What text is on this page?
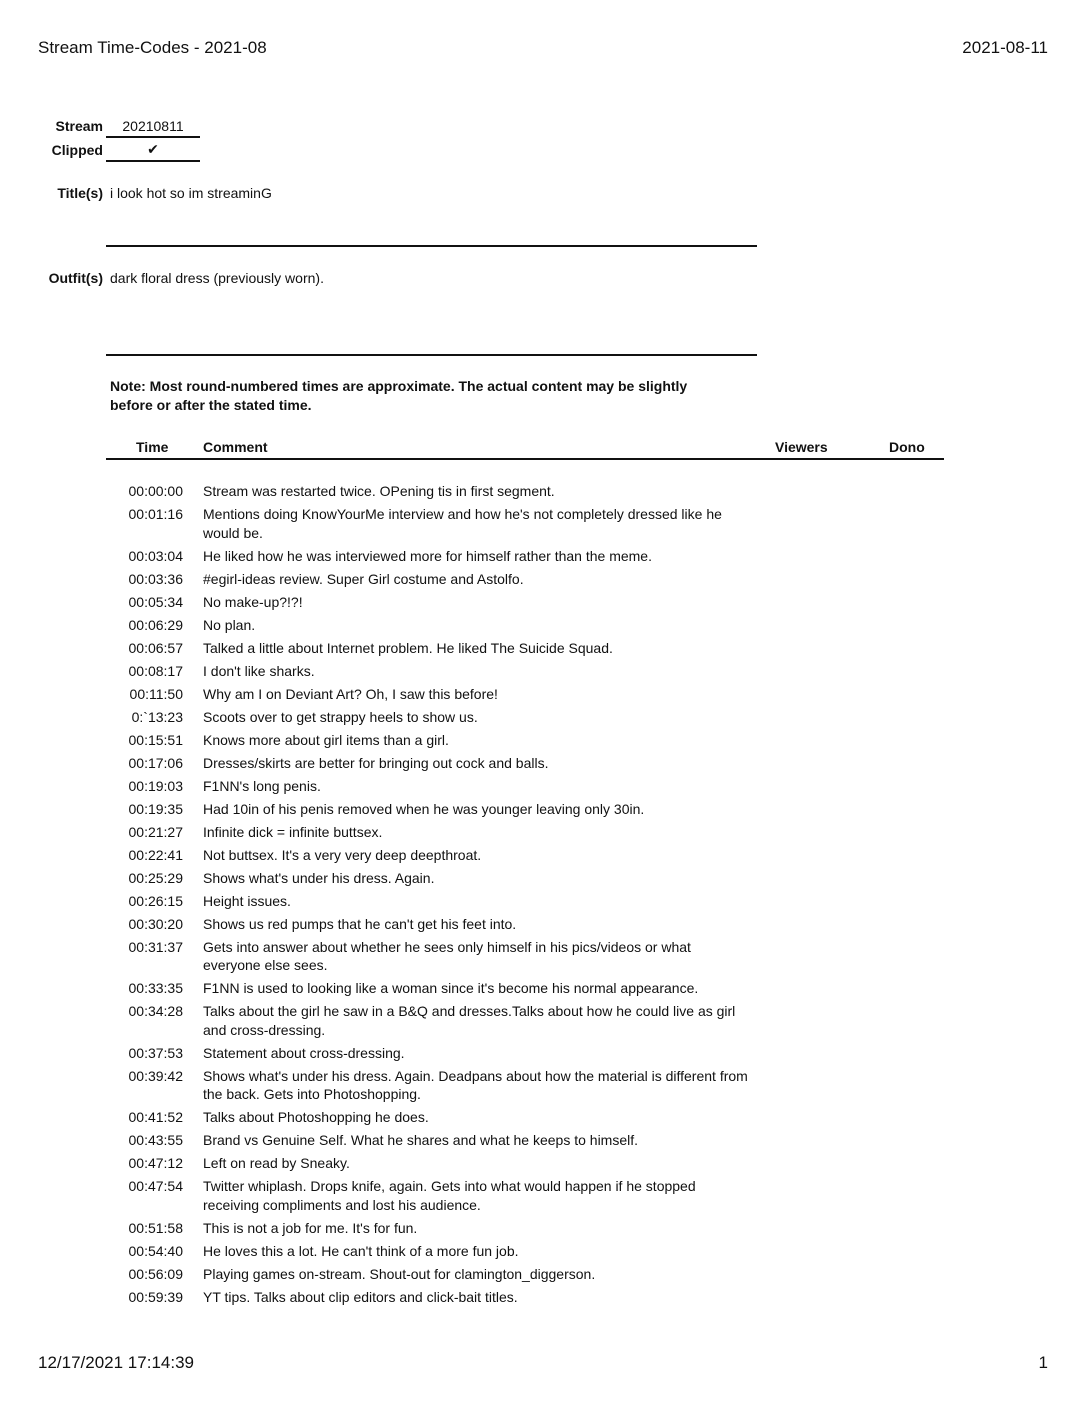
Stream Time-Codes - 2021-08	2021-08-11
Stream	20210811
Clipped	✔
Title(s) i look hot so im streaminG
Outfit(s) dark floral dress (previously worn).
Note: Most round-numbered times are approximate. The actual content may be slightly before or after the stated time.
Time Comment	Viewers	Dono
00:00:00 Stream was restarted twice. OPening tis in first segment.
00:01:16 Mentions doing KnowYourMe interview and how he's not completely dressed like he would be.
00:03:04 He liked how he was interviewed more for himself rather than the meme.
00:03:36 #egirl-ideas review. Super Girl costume and Astolfo.
00:05:34 No make-up?!?!
00:06:29 No plan.
00:06:57 Talked a little about Internet problem. He liked The Suicide Squad.
00:08:17 I don't like sharks.
00:11:50 Why am I on Deviant Art? Oh, I saw this before!
0:`13:23 Scoots over to get strappy heels to show us.
00:15:51 Knows more about girl items than a girl.
00:17:06 Dresses/skirts are better for bringing out cock and balls.
00:19:03 F1NN's long penis.
00:19:35 Had 10in of his penis removed when he was younger leaving only 30in.
00:21:27 Infinite dick = infinite buttsex.
00:22:41 Not buttsex. It's a very very deep deepthroat.
00:25:29 Shows what's under his dress. Again.
00:26:15 Height issues.
00:30:20 Shows us red pumps that he can't get his feet into.
00:31:37 Gets into answer about whether he sees only himself in his pics/videos or what everyone else sees.
00:33:35 F1NN is used to looking like a woman since it's become his normal appearance.
00:34:28 Talks about the girl he saw in a B&Q and dresses.Talks about how he could live as girl and cross-dressing.
00:37:53 Statement about cross-dressing.
00:39:42 Shows what's under his dress. Again. Deadpans about how the material is different from the back. Gets into Photoshopping.
00:41:52 Talks about Photoshopping he does.
00:43:55 Brand vs Genuine Self. What he shares and what he keeps to himself.
00:47:12 Left on read by Sneaky.
00:47:54 Twitter whiplash. Drops knife, again. Gets into what would happen if he stopped receiving compliments and lost his audience.
00:51:58 This is not a job for me. It's for fun.
00:54:40 He loves this a lot. He can't think of a more fun job.
00:56:09 Playing games on-stream. Shout-out for clamington_diggerson.
00:59:39 YT tips. Talks about clip editors and click-bait titles.
12/17/2021 17:14:39	1
